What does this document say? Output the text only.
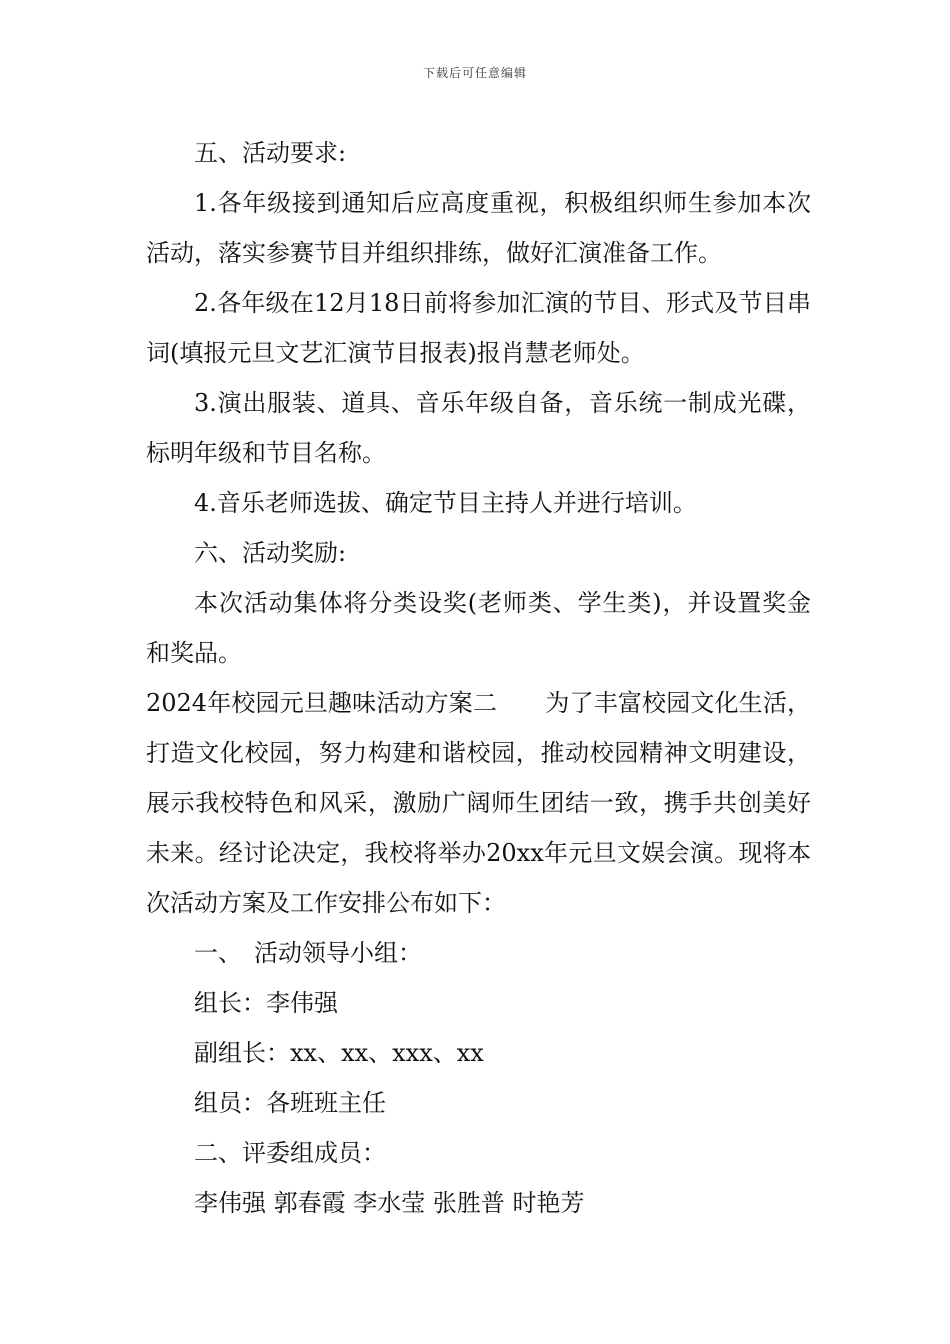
下载后可任意编辑

五、活动要求:

1.各年级接到通知后应高度重视，积极组织师生参加本次活动，落实参赛节目并组织排练，做好汇演准备工作。

2.各年级在12月18日前将参加汇演的节目、形式及节目串词(填报元旦文艺汇演节目报表)报肖慧老师处。

3.演出服装、道具、音乐年级自备，音乐统一制成光碟，标明年级和节目名称。

4.音乐老师选拔、确定节目主持人并进行培训。

六、活动奖励:

本次活动集体将分类设奖(老师类、学生类)，并设置奖金和奖品。

2024年校园元旦趣味活动方案二　　为了丰富校园文化生活，打造文化校园，努力构建和谐校园，推动校园精神文明建设，展示我校特色和风采，激励广阔师生团结一致，携手共创美好未来。经讨论决定，我校将举办20xx年元旦文娱会演。现将本次活动方案及工作安排公布如下：

一、　活动领导小组：

组长：李伟强

副组长：xx、xx、xxx、xx

组员：各班班主任

二、评委组成员：

李伟强 郭春霞 李水莹 张胜普 时艳芳
